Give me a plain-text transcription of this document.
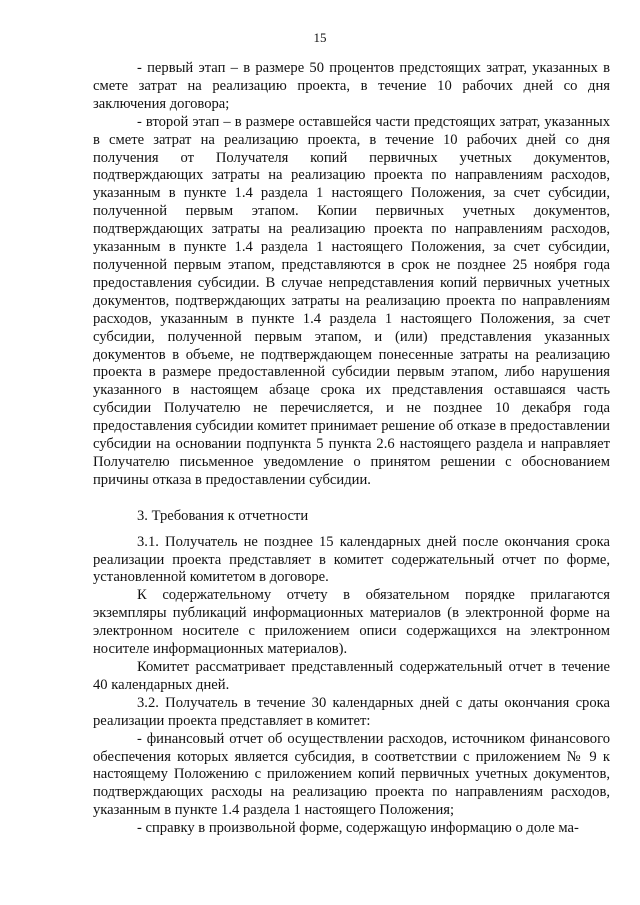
15

- первый этап – в размере 50 процентов предстоящих затрат, указанных в смете затрат на реализацию проекта, в течение 10 рабочих дней со дня заключения договора;

- второй этап – в размере оставшейся части предстоящих затрат, указанных в смете затрат на реализацию проекта, в течение 10 рабочих дней со дня получения от Получателя копий первичных учетных документов, подтверждающих затраты на реализацию проекта по направлениям расходов, указанным в пункте 1.4 раздела 1 настоящего Положения, за счет субсидии, полученной первым этапом. Копии первичных учетных документов, подтверждающих затраты на реализацию проекта по направлениям расходов, указанным в пункте 1.4 раздела 1 настоящего Положения, за счет субсидии, полученной первым этапом, представляются в срок не позднее 25 ноября года предоставления субсидии. В случае непредставления копий первичных учетных документов, подтверждающих затраты на реализацию проекта по направлениям расходов, указанным в пункте 1.4 раздела 1 настоящего Положения, за счет субсидии, полученной первым этапом, и (или) представления указанных документов в объеме, не подтверждающем понесенные затраты на реализацию проекта в размере предоставленной субсидии первым этапом, либо нарушения указанного в настоящем абзаце срока их представления оставшаяся часть субсидии Получателю не перечисляется, и не позднее 10 декабря года предоставления субсидии комитет принимает решение об отказе в предоставлении субсидии на основании подпункта 5 пункта 2.6 настоящего раздела и направляет Получателю письменное уведомление о принятом решении с обоснованием причины отказа в предоставлении субсидии.

3. Требования к отчетности

3.1. Получатель не позднее 15 календарных дней после окончания срока реализации проекта представляет в комитет содержательный отчет по форме, установленной комитетом в договоре.

К содержательному отчету в обязательном порядке прилагаются экземпляры публикаций информационных материалов (в электронной форме на электронном носителе с приложением описи содержащихся на электронном носителе информационных материалов).

Комитет рассматривает представленный содержательный отчет в течение 40 календарных дней.

3.2. Получатель в течение 30 календарных дней с даты окончания срока реализации проекта представляет в комитет:

- финансовый отчет об осуществлении расходов, источником финансового обеспечения которых является субсидия, в соответствии с приложением № 9 к настоящему Положению с приложением копий первичных учетных документов, подтверждающих расходы на реализацию проекта по направлениям расходов, указанным в пункте 1.4 раздела 1 настоящего Положения;

- справку в произвольной форме, содержащую информацию о доле ма-
